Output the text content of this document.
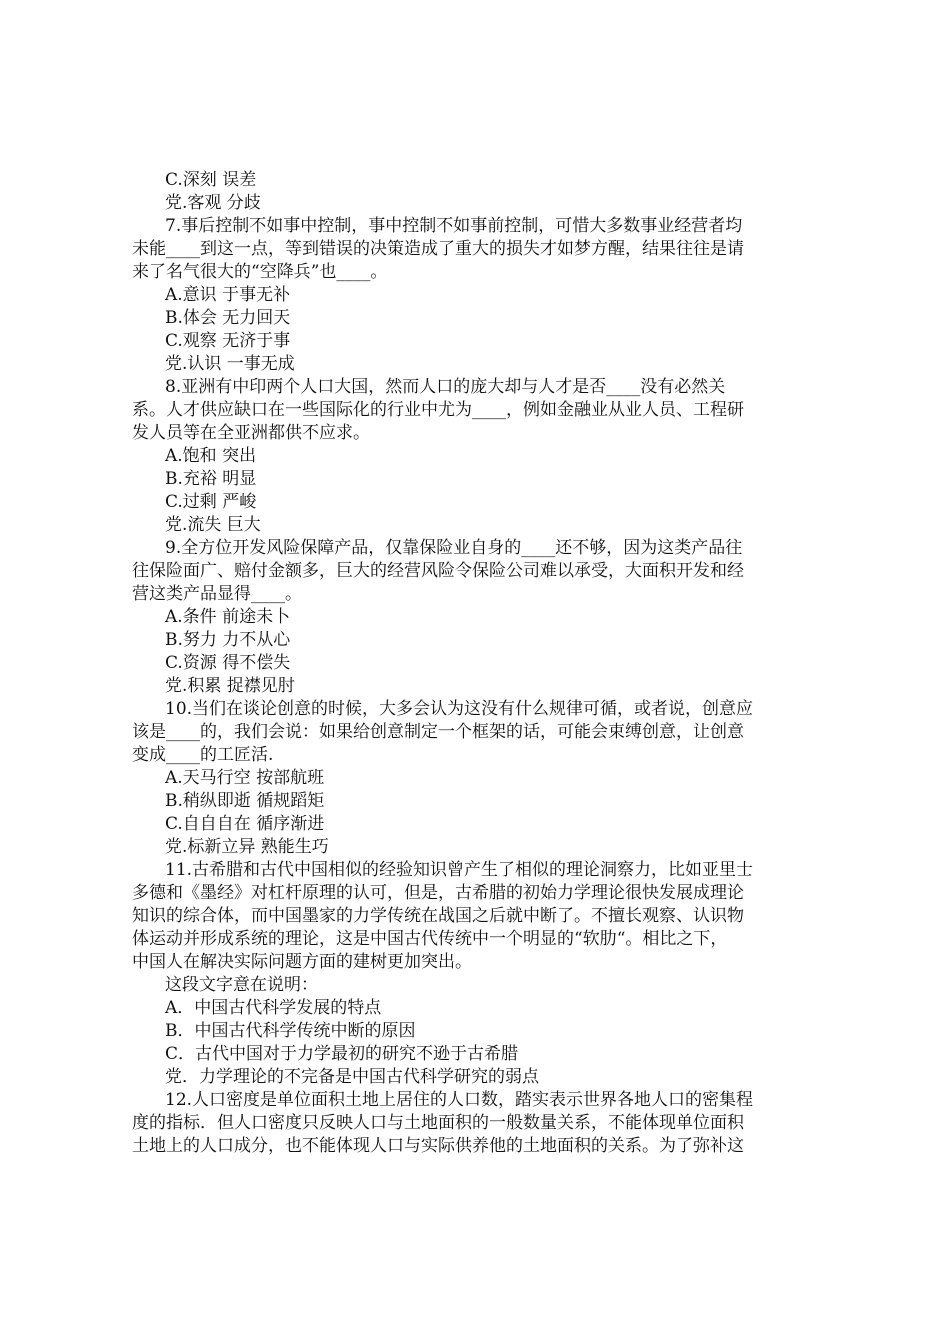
C.深刻 误差
党.客观 分歧
7.事后控制不如事中控制，事中控制不如事前控制，可惜大多数事业经营者均
未能____到这一点，等到错误的决策造成了重大的损失才如梦方醒，结果往往是请
来了名气很大的“空降兵”也____。
A.意识 于事无补
B.体会 无力回天
C.观察 无济于事
党.认识 一事无成
8.亚洲有中印两个人口大国，然而人口的庞大却与人才是否____没有必然关
系。人才供应缺口在一些国际化的行业中尤为____，例如金融业从业人员、工程研
发人员等在全亚洲都供不应求。
A.饱和 突出
B.充裕 明显
C.过剩 严峻
党.流失 巨大
9.全方位开发风险保障产品，仅靠保险业自身的____还不够，因为这类产品往
往保险面广、赔付金额多，巨大的经营风险令保险公司难以承受，大面积开发和经
营这类产品显得____。
A.条件 前途未卜
B.努力 力不从心
C.资源 得不偿失
党.积累 捉襟见肘
10.当们在谈论创意的时候，大多会认为这没有什么规律可循，或者说，创意应
该是____的，我们会说：如果给创意制定一个框架的话，可能会束缚创意，让创意
变成____的工匠活.
A.天马行空 按部航班
B.稍纵即逝 循规蹈矩
C.自自自在 循序渐进
党.标新立异 熟能生巧
11.古希腊和古代中国相似的经验知识曾产生了相似的理论洞察力，比如亚里士
多德和《墨经》对杠杆原理的认可，但是，古希腊的初始力学理论很快发展成理论
知识的综合体，而中国墨家的力学传统在战国之后就中断了。不擅长观察、认识物
体运动并形成系统的理论，这是中国古代传统中一个明显的“软肋“。相比之下，
中国人在解决实际问题方面的建树更加突出。
这段文字意在说明：
A．中国古代科学发展的特点
B．中国古代科学传统中断的原因
C．古代中国对于力学最初的研究不逊于古希腊
党．力学理论的不完备是中国古代科学研究的弱点
12.人口密度是单位面积土地上居住的人口数，踏实表示世界各地人口的密集程
度的指标．但人口密度只反映人口与土地面积的一般数量关系，不能体现单位面积
土地上的人口成分，也不能体现人口与实际供养他的土地面积的关系。为了弥补这
